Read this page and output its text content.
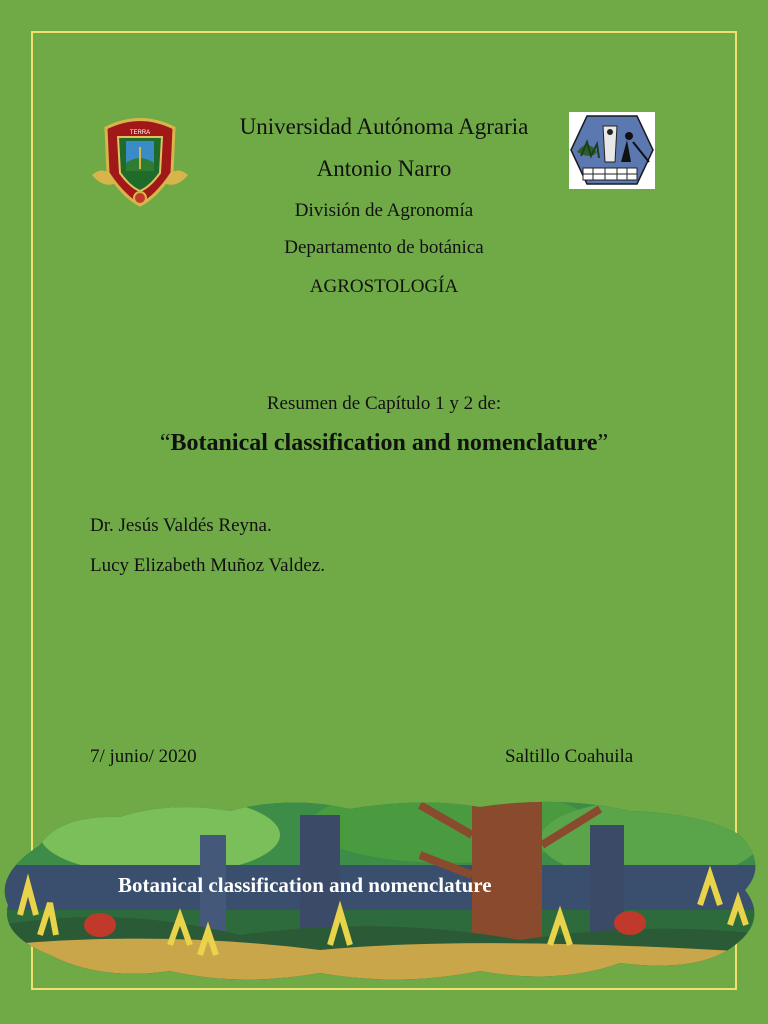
TERRA	Universidad Autónoma Agraria
Antonio Narro
División de Agronomía
Departamento de botánica
AGROSTOLOGÍA
Resumen de Capítulo 1 y 2 de:
“Botanical classification and nomenclature”
Dr. Jesús Valdés Reyna.
Lucy Elizabeth Muñoz Valdez.
7/ junio/ 2020	Saltillo Coahuila
Botanical classification and nomenclature
